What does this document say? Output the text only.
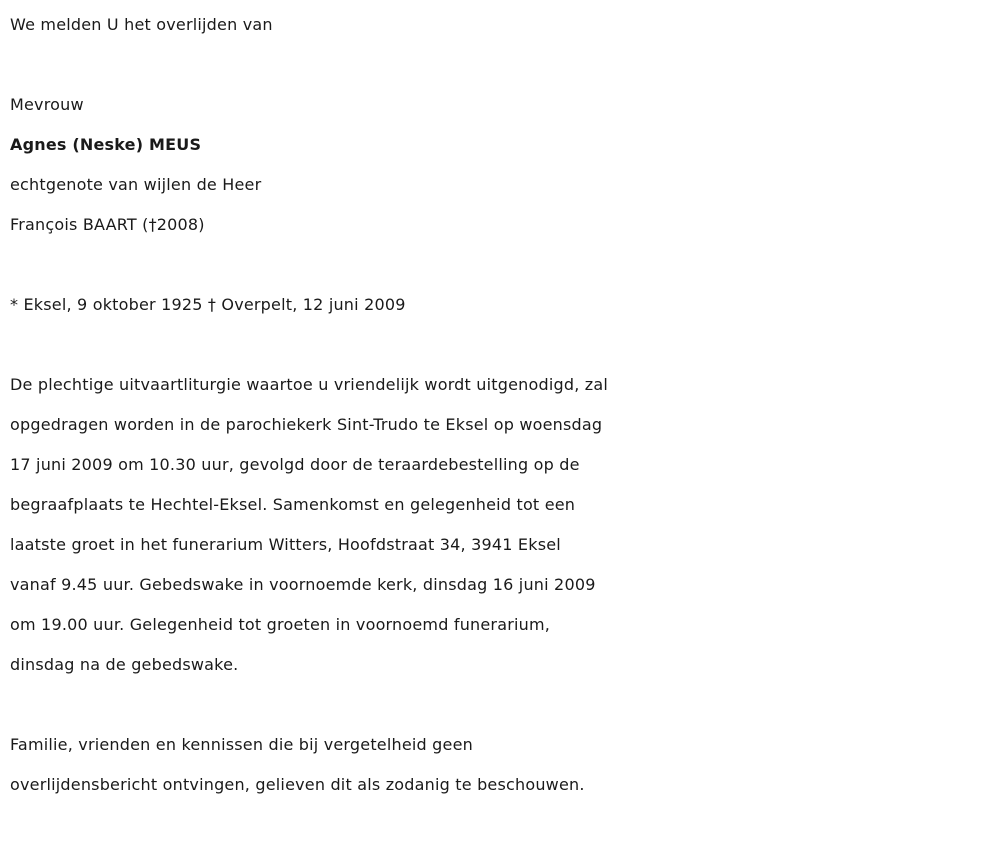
We melden U het overlijden van
Mevrouw
Agnes (Neske) MEUS
echtgenote van wijlen de Heer
François BAART (†2008)
* Eksel, 9 oktober 1925 † Overpelt, 12 juni 2009
De plechtige uitvaartliturgie waartoe u vriendelijk wordt uitgenodigd, zal
opgedragen worden in de parochiekerk Sint-Trudo te Eksel op woensdag
17 juni 2009 om 10.30 uur, gevolgd door de teraardebestelling op de
begraafplaats te Hechtel-Eksel. Samenkomst en gelegenheid tot een
laatste groet in het funerarium Witters, Hoofdstraat 34, 3941 Eksel
vanaf 9.45 uur. Gebedswake in voornoemde kerk, dinsdag 16 juni 2009
om 19.00 uur. Gelegenheid tot groeten in voornoemd funerarium,
dinsdag na de gebedswake.
Familie, vrienden en kennissen die bij vergetelheid geen
overlijdensbericht ontvingen, gelieven dit als zodanig te beschouwen.
